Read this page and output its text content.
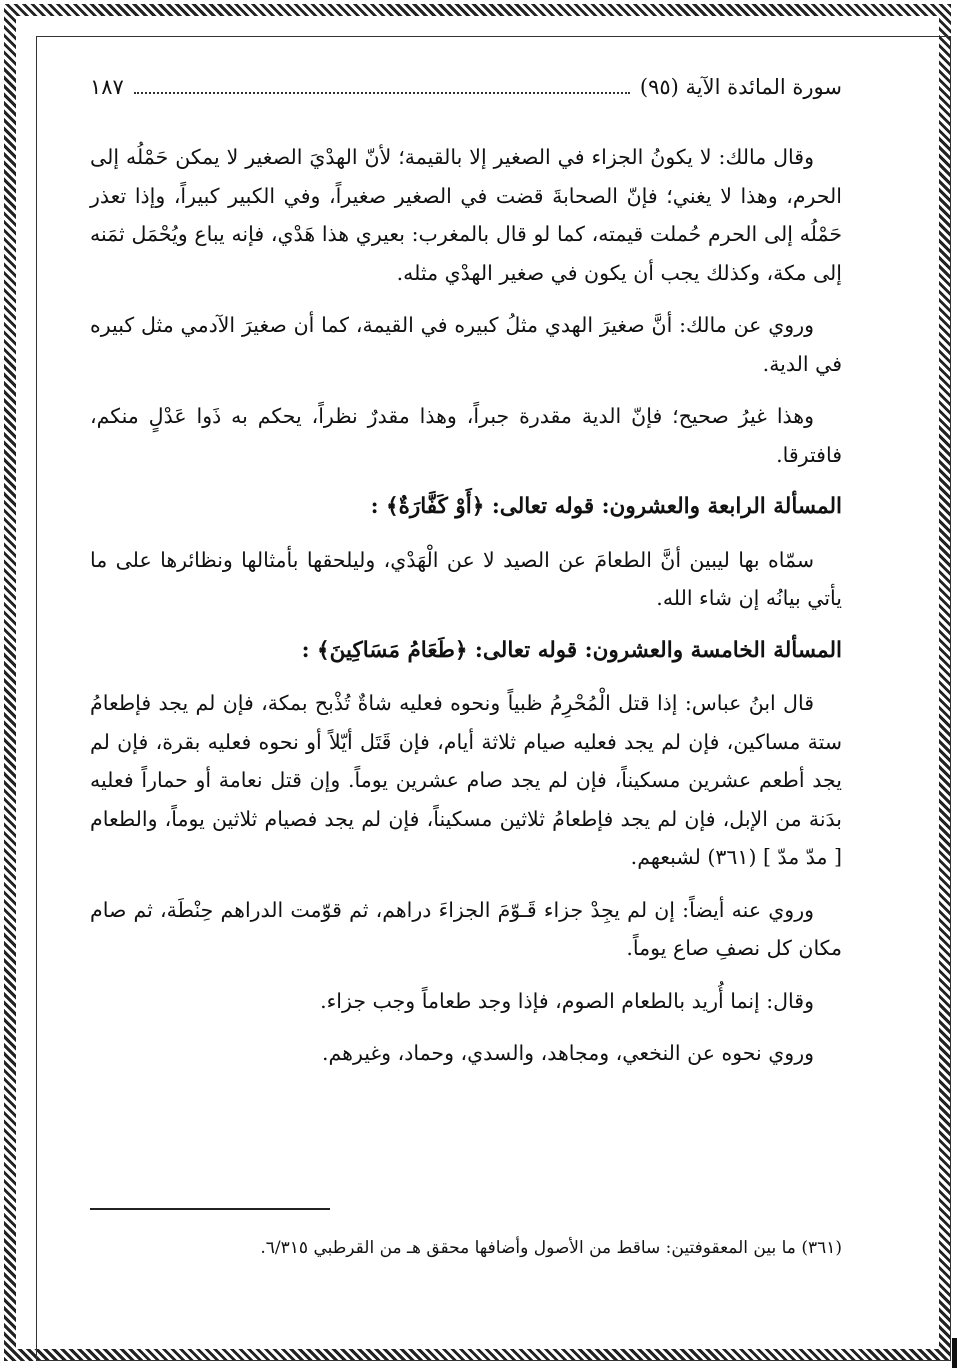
سورة المائدة الآية (٩٥)
١٨٧

وقال مالك: لا يكونُ الجزاء في الصغير إلا بالقيمة؛ لأنّ الهدْيَ الصغير لا يمكن حَمْلُه إلى الحرم، وهذا لا يغني؛ فإنّ الصحابةَ قضت في الصغير صغيراً، وفي الكبير كبيراً، وإذا تعذر حَمْلُه إلى الحرم حُملت قيمته، كما لو قال بالمغرب: بعيري هذا هَدْي، فإنه يباع ويُحْمَل ثمَنه إلى مكة، وكذلك يجب أن يكون في صغير الهدْي مثله.

وروي عن مالك: أنَّ صغيرَ الهدي مثلُ كبيره في القيمة، كما أن صغيرَ الآدمي مثل كبيره في الدية.

وهذا غيرُ صحيح؛ فإنّ الدية مقدرة جبراً، وهذا مقدرٌ نظراً، يحكم به ذَوا عَدْلٍ منكم، فافترقا.

المسألة الرابعة والعشرون: قوله تعالى: ﴿أَوْ كَفَّارَةٌ﴾ :

سمّاه بها ليبين أنَّ الطعامَ عن الصيد لا عن الْهَدْي، وليلحقها بأمثالها ونظائرها على ما يأتي بيانُه إن شاء الله.

المسألة الخامسة والعشرون: قوله تعالى: ﴿طَعَامُ مَسَاكِينَ﴾ :

قال ابنُ عباس: إذا قتل الْمُحْرِمُ ظبياً ونحوه فعليه شاةٌ تُذْبح بمكة، فإن لم يجد فإطعامُ ستة مساكين، فإن لم يجد فعليه صيام ثلاثة أيام، فإن قَتَل أيّلاً أو نحوه فعليه بقرة، فإن لم يجد أطعم عشرين مسكيناً، فإن لم يجد صام عشرين يوماً. وإن قتل نعامة أو حماراً فعليه بدَنة من الإبل، فإن لم يجد فإطعامُ ثلاثين مسكيناً، فإن لم يجد فصيام ثلاثين يوماً، والطعام [ مدّ مدّ ] (٣٦١) لشبعهم.

وروي عنه أيضاً: إن لم يجِدْ جزاء قَـوّمَ الجزاءَ دراهم، ثم قوّمت الدراهم حِنْطَة، ثم صام مكان كل نصفِ صاع يوماً.

وقال: إنما أُريد بالطعام الصوم، فإذا وجد طعاماً وجب جزاء.

وروي نحوه عن النخعي، ومجاهد، والسدي، وحماد، وغيرهم.

(٣٦١) ما بين المعقوفتين: ساقط من الأصول وأضافها محقق هـ من القرطبي ٦/٣١٥.
